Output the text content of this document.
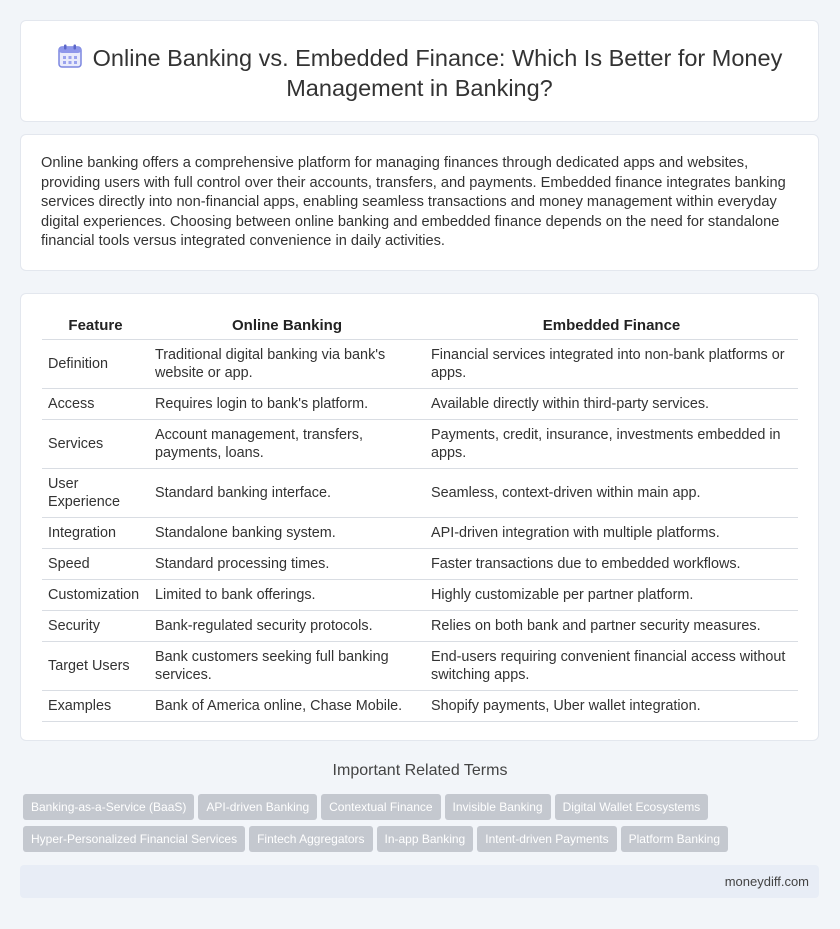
Online Banking vs. Embedded Finance: Which Is Better for Money Management in Banking?
Online banking offers a comprehensive platform for managing finances through dedicated apps and websites, providing users with full control over their accounts, transfers, and payments. Embedded finance integrates banking services directly into non-financial apps, enabling seamless transactions and money management within everyday digital experiences. Choosing between online banking and embedded finance depends on the need for standalone financial tools versus integrated convenience in daily activities.
Feature	Online Banking	Embedded Finance
Definition	Traditional digital banking via bank's website or app.	Financial services integrated into non-bank platforms or apps.
Access	Requires login to bank's platform.	Available directly within third-party services.
Services	Account management, transfers, payments, loans.	Payments, credit, insurance, investments embedded in apps.
User Experience	Standard banking interface.	Seamless, context-driven within main app.
Integration	Standalone banking system.	API-driven integration with multiple platforms.
Speed	Standard processing times.	Faster transactions due to embedded workflows.
Customization	Limited to bank offerings.	Highly customizable per partner platform.
Security	Bank-regulated security protocols.	Relies on both bank and partner security measures.
Target Users	Bank customers seeking full banking services.	End-users requiring convenient financial access without switching apps.
Examples	Bank of America online, Chase Mobile.	Shopify payments, Uber wallet integration.
Important Related Terms
Banking-as-a-Service (BaaS) API-driven Banking Contextual Finance Invisible Banking Digital Wallet Ecosystems
Hyper-Personalized Financial Services Fintech Aggregators In-app Banking Intent-driven Payments Platform Banking
moneydiff.com
